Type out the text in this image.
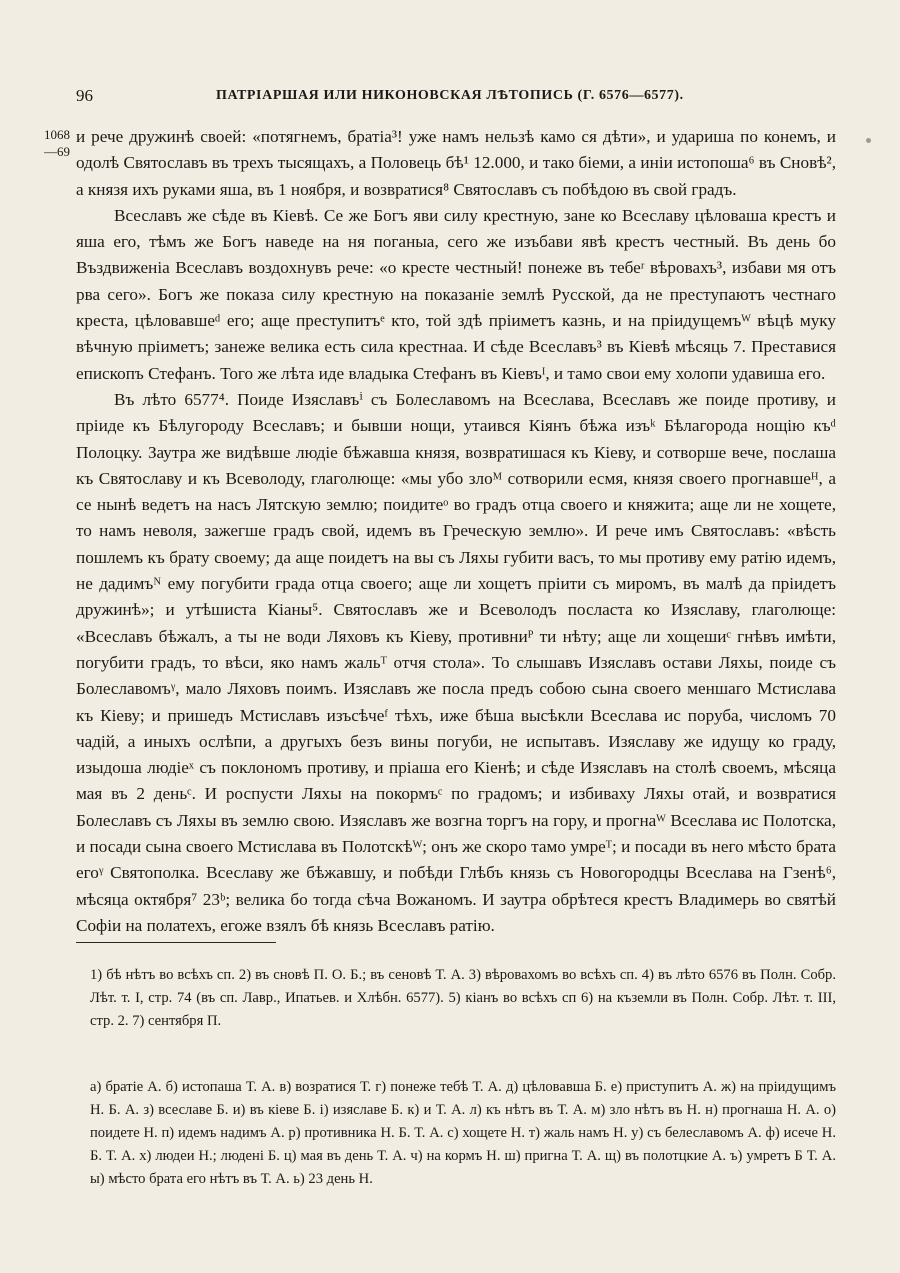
96	ПАТРІАРШАЯ ИЛИ НИКОНОВСКАЯ ЛѢТОПИСЬ (Г. 6576—6577).
1068
—69

и рече дружинѣ своей: «потягнемъ, братіа³! уже намъ нельзѣ камо ся дѣти», и удариша по конемъ, и одолѣ Святославъ въ трехъ тысящахъ, а Половець бѣ¹ 12.000, и тако біеми, а иніи истопоша⁶ въ Сновѣ², а князя ихъ руками яша, въ 1 ноября, и возвратися⁸ Святославъ съ побѣдою въ свой градъ.

Всеславъ же сѣде въ Кіевѣ. Се же Богъ яви силу крестную, зане ко Всеславу цѣловаша крестъ и яша его, тѣмъ же Богъ наведе на ня поганыа, сего же изъбави явѣ крестъ честный. Въ день бо Въздвиженіа Всеславъ воздохнувъ рече: «о кресте честный! понеже въ тебеʳ вѣровахъ³, избави мя отъ рва сего». Богъ же показа силу крестную на показаніе землѣ Русской, да не преступаютъ честнаго креста, цѣловавшеᵈ его; аще преступитъᵉ кто, той здѣ пріиметъ казнь, и на прiидущемъᵂ вѣцѣ муку вѣчную пріиметъ; занеже велика есть сила крестнаа. И сѣде Всеславъ³ въ Кіевѣ мѣсяць 7. Преставися епископъ Стефанъ. Того же лѣта иде владыка Стефанъ въ Кіевъᴵ, и тамо свои ему холопи удавиша его.

Въ лѣто 6577⁴. Поиде Изяславъⁱ съ Болеславомъ на Всеслава, Всеславъ же поиде противу, и пріиде къ Бѣлугороду Всеславъ; и бывши нощи, утаився Кіянъ бѣжа изъᵏ Бѣлагорода нощію къᵈ Полоцку. Заутра же видѣвше людіе бѣжавша князя, возвратишася къ Кіеву, и сотворше вече, послаша къ Святославу и къ Всеволоду, глаголюще: «мы убо злоᴹ сотворили есмя, князя своего прогнавшеᴴ, а се нынѣ ведетъ на насъ Лятскую землю; поидитеᵒ во градъ отца своего и княжита; аще ли не хощете, то намъ неволя, зажегше градъ свой, идемъ въ Греческую землю». И рече имъ Святославъ: «вѣсть пошлемъ къ брату своему; да аще поидетъ на вы съ Ляхы губити васъ, то мы противу ему ратію идемъ, не дадимъᴺ ему погубити града отца своего; аще ли хощетъ пріити съ миромъ, въ малѣ да пріидетъ дружинѣ»; и утѣшиста Кіаны⁵. Святославъ же и Всеволодъ посласта ко Изяславу, глаголюще: «Всеславъ бѣжалъ, а ты не води Ляховъ къ Кіеву, противниᴾ ти нѣту; аще ли хощешиᶜ гнѣвъ имѣти, погубити градъ, то вѣси, яко намъ жальᵀ отчя стола». То слышавъ Изяславъ остави Ляхы, поиде съ Болеславомъᵞ, мало Ляховъ поимъ. Изяславъ же посла предъ собою сына своего меншаго Мстислава къ Кіеву; и пришедъ Мстиславъ изъсѣчеᶠ тѣхъ, иже бѣша высѣкли Всеслава ис поруба, числомъ 70 чадій, а иныхъ ослѣпи, а другыхъ безъ вины погуби, не испытавъ. Изяславу же идущу ко граду, изыдоша людіеˣ съ поклономъ противу, и пріаша его Кіенѣ; и сѣде Изяславъ на столѣ своемъ, мѣсяца мая въ 2 деньᶜ. И роспусти Ляхы на покормъᶜ по градомъ; и избиваху Ляхы отай, и возвратися Болеславъ съ Ляхы въ землю свою. Изяславъ же возгна торгъ на гору, и прогнаᵂ Всеслава ис Полотска, и посади сына своего Мстислава въ Полотскѣᵂ; онъ же скоро тамо умреᵀ; и посади въ него мѣсто брата егоᵞ Святополка. Всеславу же бѣжавшу, и побѣди Глѣбъ князь съ Новогородцы Всеслава на Гзенѣ⁶, мѣсяца октября⁷ 23ᵇ; велика бо тогда сѣча Вожаномъ. И заутра обрѣтеся крестъ Владимерь во святѣй Софіи на полатехъ, егоже взялъ бѣ князь Всеславъ ратію.

1) бѣ нѣтъ во всѣхъ сп. 2) въ сновѣ П. О. Б.; въ сеновѣ Т. А. 3) вѣровахомъ во всѣхъ сп. 4) въ лѣто 6576 въ Полн. Собр. Лѣт. т. I, стр. 74 (въ сп. Лавр., Ипатьев. и Хлѣбн. 6577). 5) кіанъ во всѣхъ сп 6) на къземли въ Полн. Собр. Лѣт. т. III, стр. 2. 7) сентября П.

а) братіе А. б) истопаша Т. А. в) возратися Т. г) понеже тебѣ Т. А. д) цѣловавша Б. е) приступитъ А. ж) на прiидущимъ Н. Б. А. з) всеславе Б. и) въ кіеве Б. і) изяславе Б. к) и Т. А. л) къ нѣтъ въ Т. А. м) зло нѣтъ въ Н. н) прогнаша Н. А. о) поидете Н. п) идемъ надимъ А. р) противника Н. Б. Т. А. с) хощете Н. т) жаль намъ Н. у) съ белеславомъ А. ф) исече Н. Б. Т. А. х) людеи Н.; людені Б. ц) мая въ день Т. А. ч) на кормъ Н. ш) пригна Т. А. щ) въ полотцкие А. ъ) умретъ Б Т. А. ы) мѣсто брата его нѣтъ въ Т. А. ь) 23 день Н.
